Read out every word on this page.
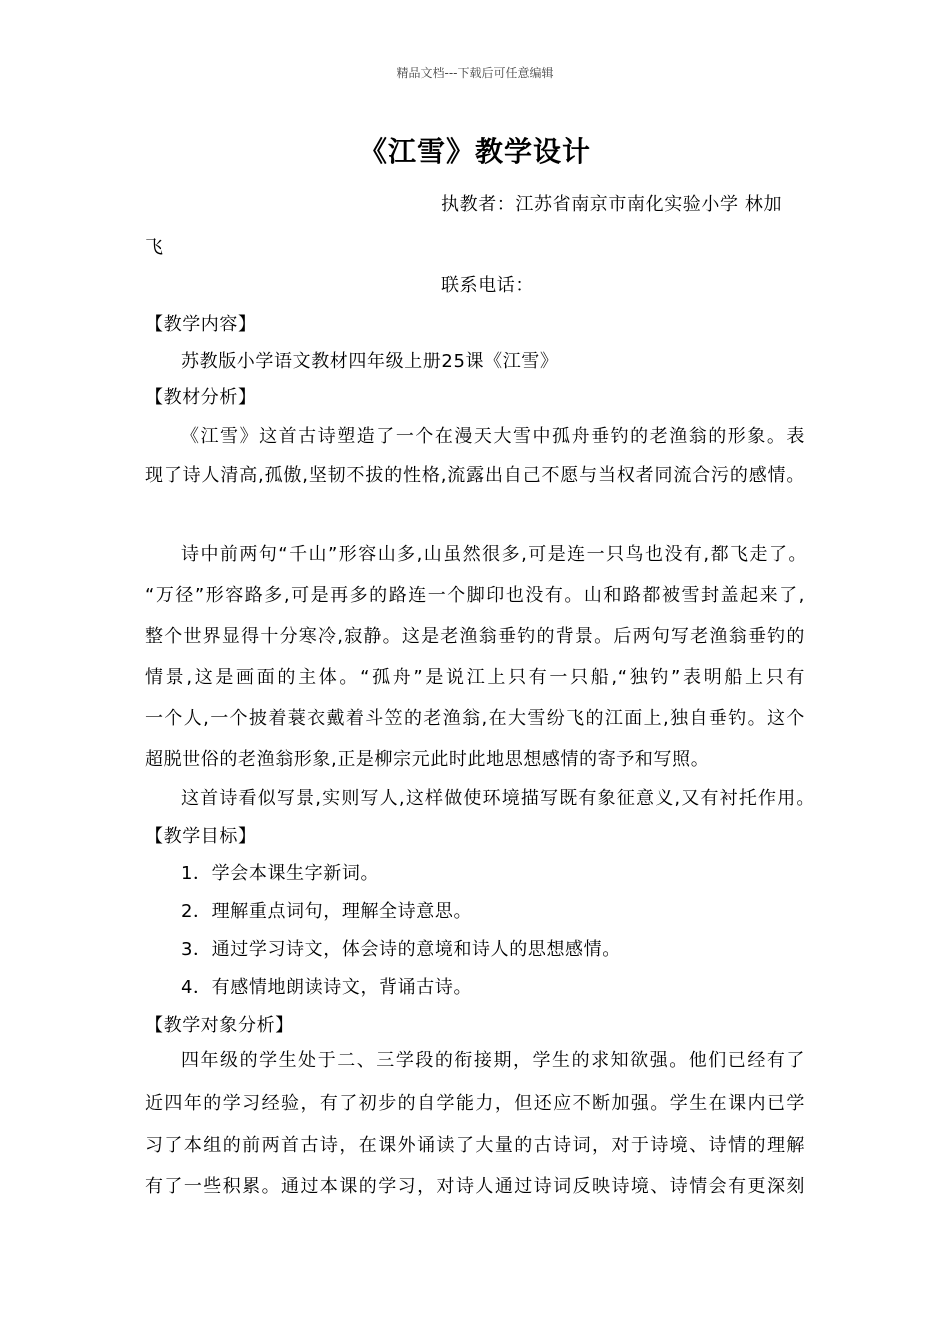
精品文档---下载后可任意编辑
《江雪》教学设计
执教者：江苏省南京市南化实验小学 林加
飞
联系电话：
【教学内容】
苏教版小学语文教材四年级上册25课《江雪》
【教材分析】
《江雪》这首古诗塑造了一个在漫天大雪中孤舟垂钓的老渔翁的形象。表
现了诗人清高,孤傲,坚韧不拔的性格,流露出自己不愿与当权者同流合污的感情。
诗中前两句“千山”形容山多,山虽然很多,可是连一只鸟也没有,都飞走了。
“万径”形容路多,可是再多的路连一个脚印也没有。山和路都被雪封盖起来了,
整个世界显得十分寒冷,寂静。这是老渔翁垂钓的背景。后两句写老渔翁垂钓的
情景,这是画面的主体。“孤舟”是说江上只有一只船,“独钓”表明船上只有
一个人,一个披着蓑衣戴着斗笠的老渔翁,在大雪纷飞的江面上,独自垂钓。这个
超脱世俗的老渔翁形象,正是柳宗元此时此地思想感情的寄予和写照。
这首诗看似写景,实则写人,这样做使环境描写既有象征意义,又有衬托作用。
【教学目标】
1．学会本课生字新词。
2．理解重点词句，理解全诗意思。
3．通过学习诗文，体会诗的意境和诗人的思想感情。
4．有感情地朗读诗文，背诵古诗。
【教学对象分析】
四年级的学生处于二、三学段的衔接期，学生的求知欲强。他们已经有了
近四年的学习经验，有了初步的自学能力，但还应不断加强。学生在课内已学
习了本组的前两首古诗，在课外诵读了大量的古诗词，对于诗境、诗情的理解
有了一些积累。通过本课的学习，对诗人通过诗词反映诗境、诗情会有更深刻
